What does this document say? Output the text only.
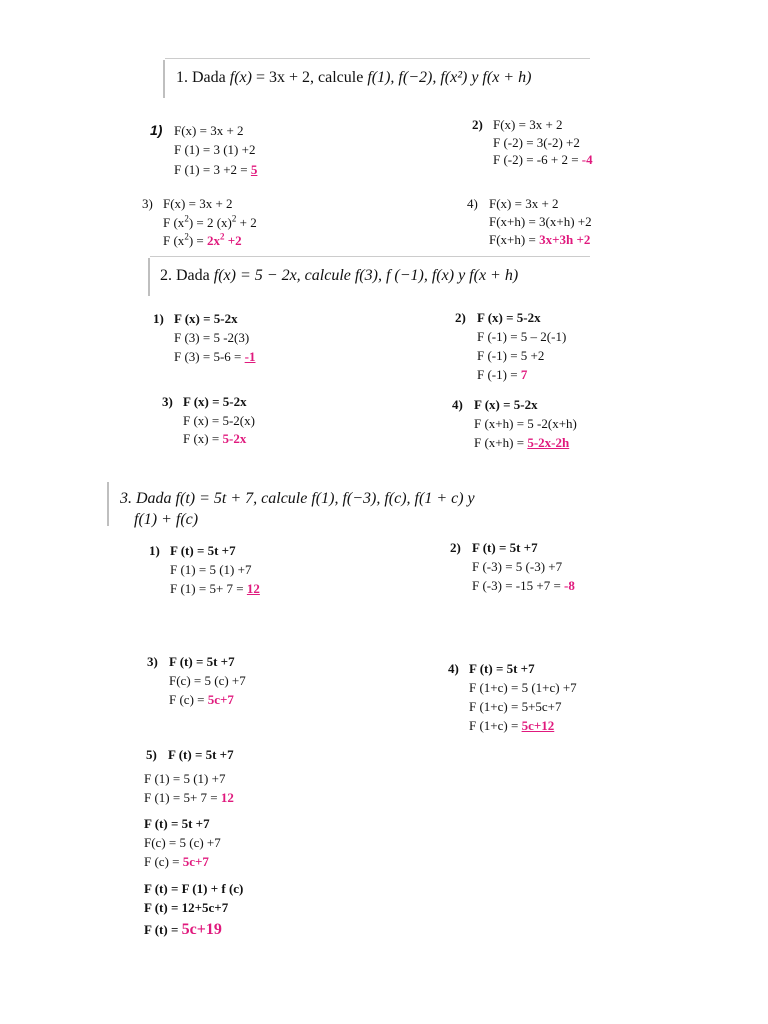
1. Dada f(x) = 3x + 2, calcule f(1), f(−2), f(x²) y f(x + h)
1) F(x) = 3x + 2
F (1) = 3 (1) +2
F (1) = 3 +2 = 5
2) F(x) = 3x + 2
F (-2) = 3(-2) +2
F (-2) = -6 + 2 = -4
3) F(x) = 3x + 2
F $(x^2) = 2$ $(x)^2 + 2$
F $(x^2) = 2x^2 +2$
4) F(x) = 3x + 2
F(x+h) = 3(x+h) +2
F(x+h) = 3x+3h +2
2. Dada f(x) = 5 − 2x, calcule f(3), f (−1), f(x) y f(x + h)
1) F (x) = 5-2x
F (3) = 5 -2(3)
F (3) = 5-6 = -1
2) F (x) = 5-2x
F (-1) = 5 – 2(-1)
F (-1) = 5 +2
F (-1) = 7
3) F (x) = 5-2x
F (x) = 5-2(x)
F (x) = 5-2x
4) F (x) = 5-2x
F (x+h) = 5 -2(x+h)
F (x+h) = 5-2x-2h
3. Dada f(t) = 5t + 7, calcule f(1), f(−3), f(c), f(1 + c) y
f(1) + f(c)
1) F (t) = 5t +7
F (1) = 5 (1) +7
F (1) = 5+ 7 = 12
2) F (t) = 5t +7
F (-3) = 5 (-3) +7
F (-3) = -15 +7 = -8
3) F (t) = 5t +7
F(c) = 5 (c) +7
F (c) = 5c+7
4) F (t) = 5t +7
F (1+c) = 5 (1+c) +7
F (1+c) = 5+5c+7
F (1+c) = 5c+12
5) F (t) = 5t +7
F (1) = 5 (1) +7
F (1) = 5+ 7 = 12
F (t) = 5t +7
F(c) = 5 (c) +7
F (c) = 5c+7
F (t) = F (1) + f (c)
F (t) = 12+5c+7
F (t) = 5c+19
